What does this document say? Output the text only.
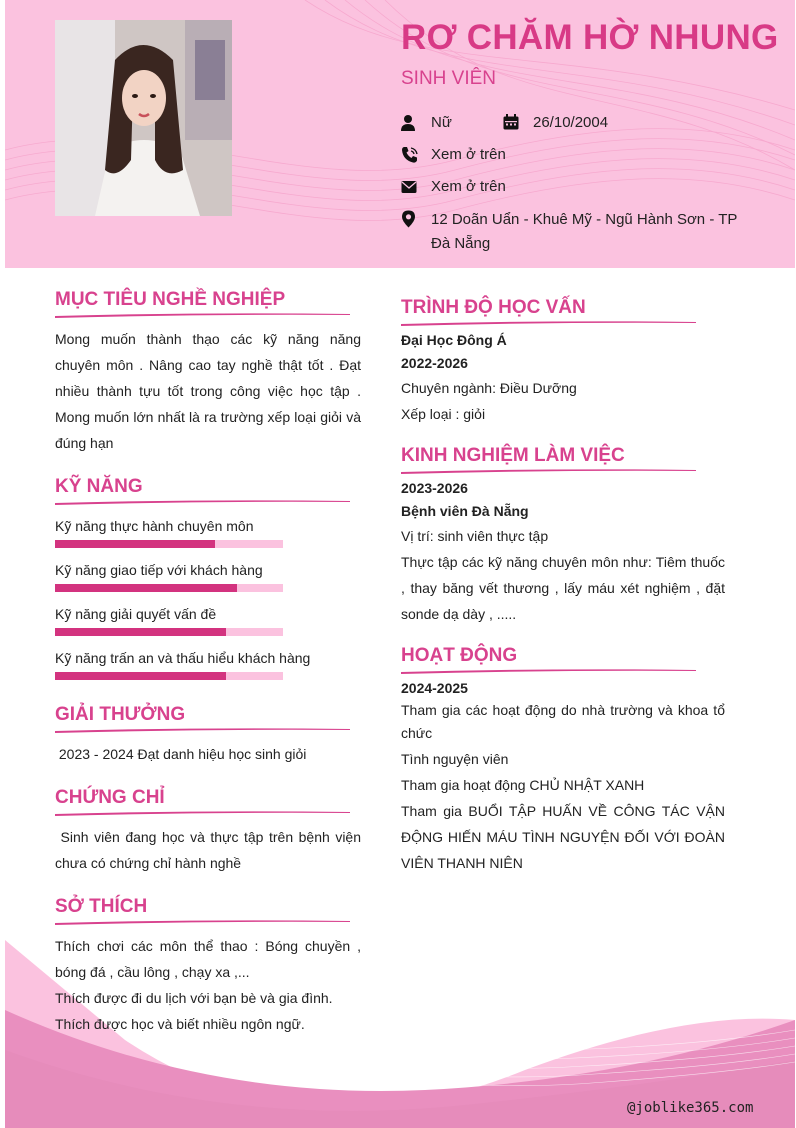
RƠ CHĂM HỜ NHUNG
SINH VIÊN
Nữ	26/10/2004
Xem ở trên
Xem ở trên
12 Doãn Uẩn - Khuê Mỹ - Ngũ Hành Sơn - TP
Đà Nẵng
MỤC TIÊU NGHỀ NGHIỆP
Mong muốn thành thạo các kỹ năng năng chuyên môn . Nâng cao tay nghề thật tốt . Đạt nhiều thành tựu tốt trong công việc học tập . Mong muốn lớn nhất là ra trường xếp loại giỏi và đúng hạn
KỸ NĂNG
Kỹ năng thực hành chuyên môn
Kỹ năng giao tiếp với khách hàng
Kỹ năng giải quyết vấn đề
Kỹ năng trấn an và thấu hiểu khách hàng
GIẢI THƯỞNG
2023 - 2024 Đạt danh hiệu học sinh giỏi
CHỨNG CHỈ
Sinh viên đang học và thực tập trên bệnh viện chưa có chứng chỉ hành nghề
SỞ THÍCH
Thích chơi các môn thể thao : Bóng chuyền , bóng đá , cầu lông , chạy xa ,...
Thích được đi du lịch với bạn bè và gia đình.
Thích được học và biết nhiều ngôn ngữ.
TRÌNH ĐỘ HỌC VẤN
Đại Học Đông Á
2022-2026
Chuyên ngành: Điều Dưỡng
Xếp loại : giỏi
KINH NGHIỆM LÀM VIỆC
2023-2026
Bệnh viên Đà Nẵng
Vị trí: sinh viên thực tập
Thực tập các kỹ năng chuyên môn như: Tiêm thuốc , thay băng vết thương , lấy máu xét nghiệm , đặt sonde dạ dày , .....
HOẠT ĐỘNG
2024-2025
Tham gia các hoạt động do nhà trường và khoa tổ chức
Tình nguyện viên
Tham gia hoạt động CHỦ NHẬT XANH
Tham gia BUỔI TẬP HUẤN VỀ CÔNG TÁC VẬN ĐỘNG HIẾN MÁU TÌNH NGUYỆN ĐỐI VỚI ĐOÀN VIÊN THANH NIÊN
@joblike365.com
